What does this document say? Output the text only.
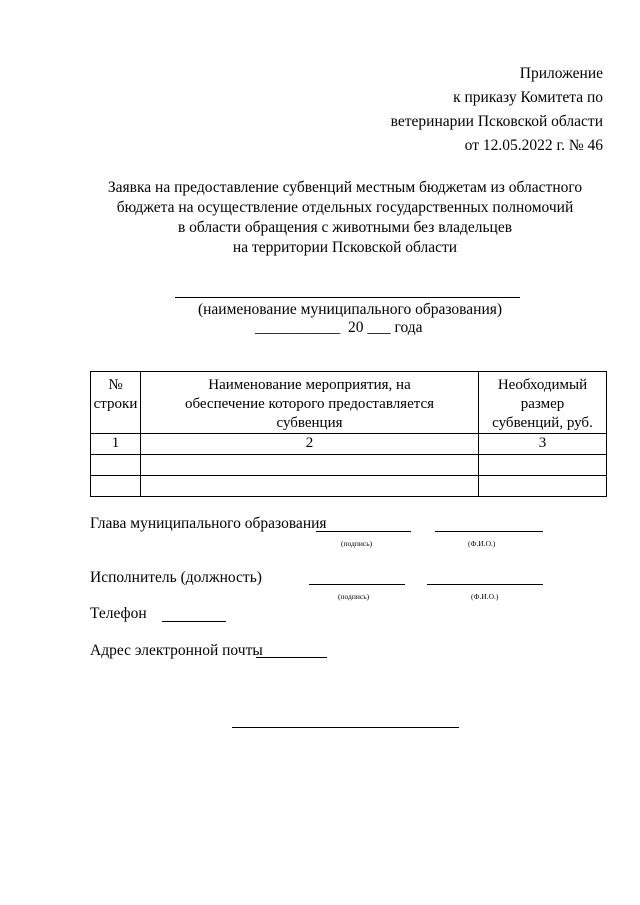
Приложение
к приказу Комитета по
ветеринарии Псковской области
от 12.05.2022 г. № 46
Заявка на предоставление субвенций местным бюджетам из областного
бюджета на осуществление отдельных государственных полномочий
в области обращения с животными без владельцев
на территории Псковской области
(наименование муниципального образования)
___________ 20 ___ года
№ строки	Наименование мероприятия, на обеспечение которого предоставляется субвенция	Необходимый размер субвенций, руб.
1	2	3

Глава муниципального образования
(подпись)	(Ф.И.О.)
Исполнитель (должность)
(подпись)	(Ф.И.О.)
Телефон
Адрес электронной почты
